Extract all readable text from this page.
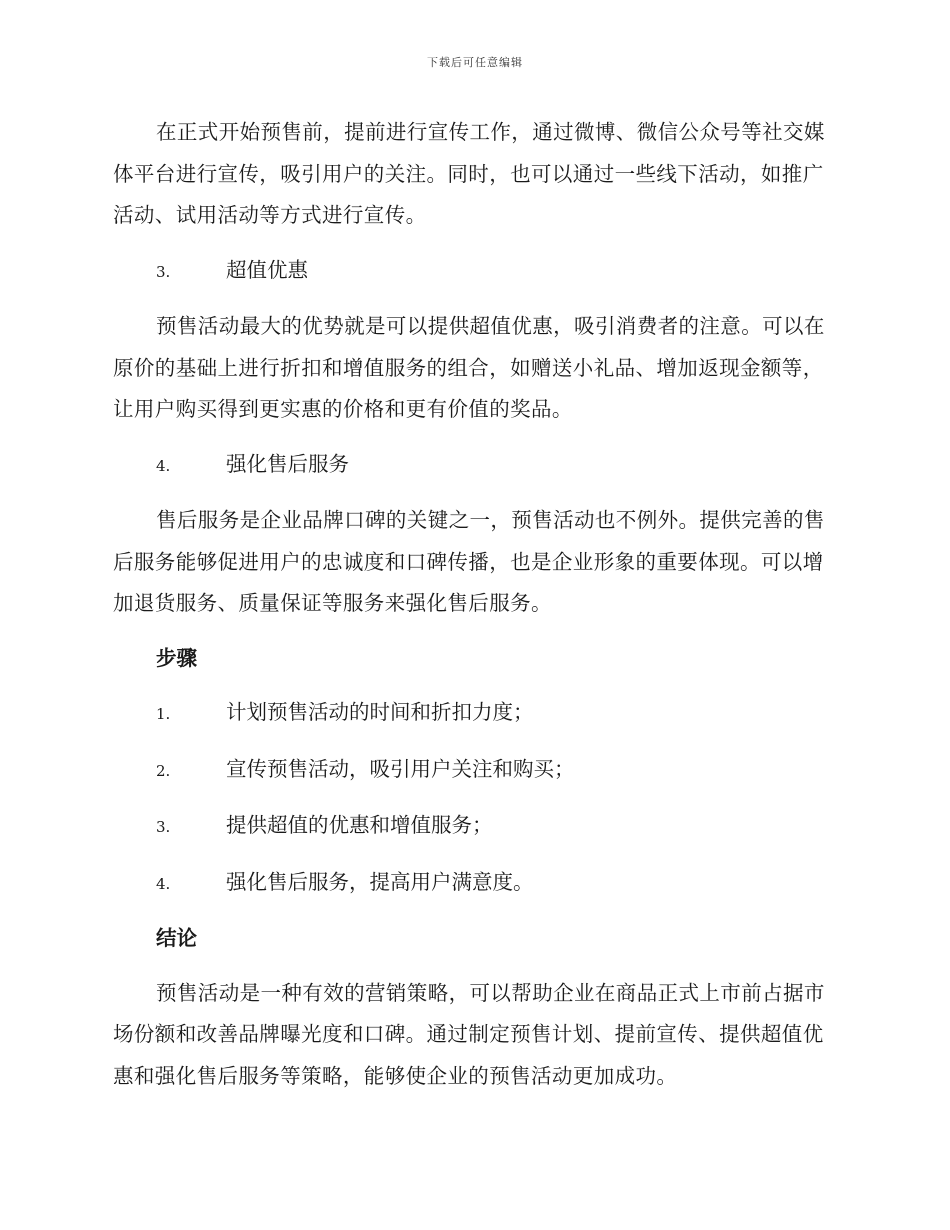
下载后可任意编辑

在正式开始预售前，提前进行宣传工作，通过微博、微信公众号等社交媒体平台进行宣传，吸引用户的关注。同时，也可以通过一些线下活动，如推广活动、试用活动等方式进行宣传。

3.	超值优惠

预售活动最大的优势就是可以提供超值优惠，吸引消费者的注意。可以在原价的基础上进行折扣和增值服务的组合，如赠送小礼品、增加返现金额等，让用户购买得到更实惠的价格和更有价值的奖品。

4.	强化售后服务

售后服务是企业品牌口碑的关键之一，预售活动也不例外。提供完善的售后服务能够促进用户的忠诚度和口碑传播，也是企业形象的重要体现。可以增加退货服务、质量保证等服务来强化售后服务。

步骤
1.	计划预售活动的时间和折扣力度；
2.	宣传预售活动，吸引用户关注和购买；
3.	提供超值的优惠和增值服务；
4.	强化售后服务，提高用户满意度。
结论

预售活动是一种有效的营销策略，可以帮助企业在商品正式上市前占据市场份额和改善品牌曝光度和口碑。通过制定预售计划、提前宣传、提供超值优惠和强化售后服务等策略，能够使企业的预售活动更加成功。
